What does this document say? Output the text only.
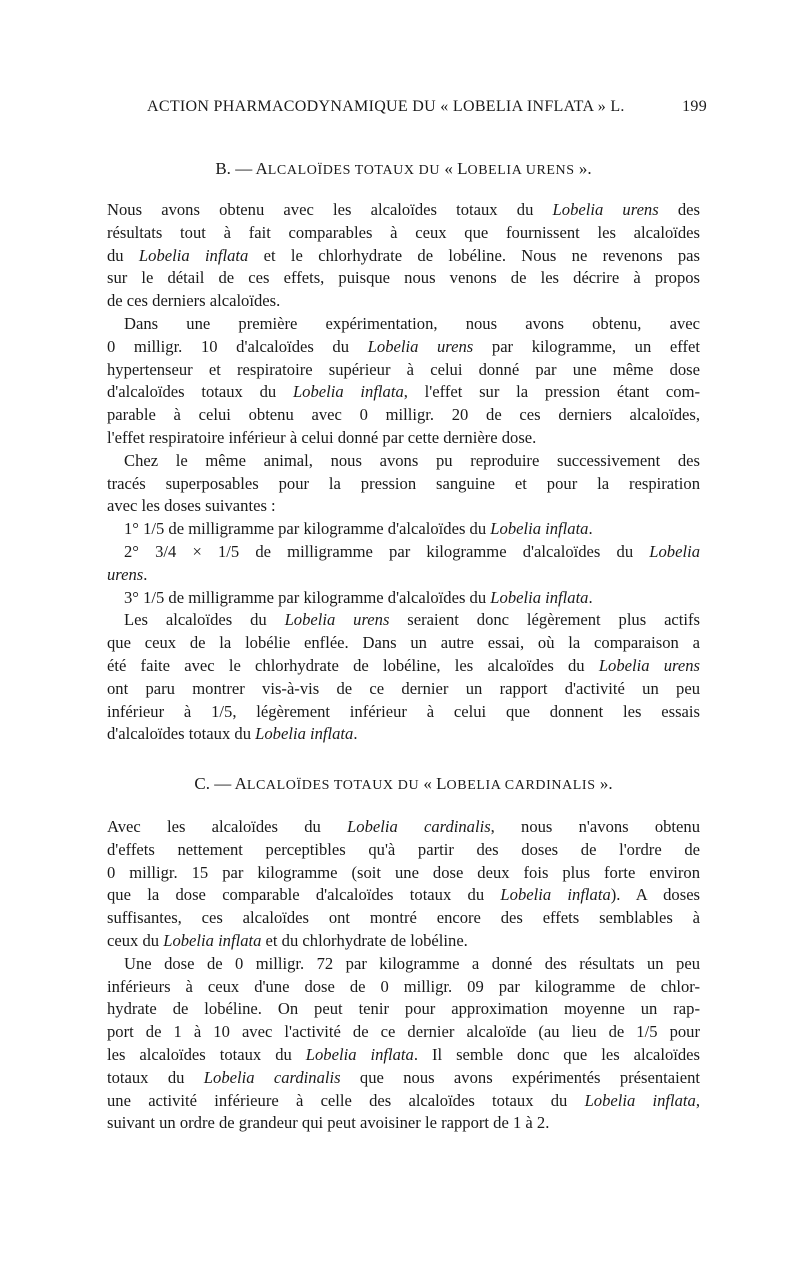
ACTION PHARMACODYNAMIQUE DU « LOBELIA INFLATA » L.	199
B. — ALCALOÏDES TOTAUX DU « LOBELIA URENS ».
Nous avons obtenu avec les alcaloïdes totaux du Lobelia urens des
résultats tout à fait comparables à ceux que fournissent les alcaloïdes
du Lobelia inflata et le chlorhydrate de lobéline. Nous ne revenons pas
sur le détail de ces effets, puisque nous venons de les décrire à propos
de ces derniers alcaloïdes.
Dans une première expérimentation, nous avons obtenu, avec
0 milligr. 10 d'alcaloïdes du Lobelia urens par kilogramme, un effet
hypertenseur et respiratoire supérieur à celui donné par une même dose
d'alcaloïdes totaux du Lobelia inflata, l'effet sur la pression étant com-
parable à celui obtenu avec 0 milligr. 20 de ces derniers alcaloïdes,
l'effet respiratoire inférieur à celui donné par cette dernière dose.
Chez le même animal, nous avons pu reproduire successivement des
tracés superposables pour la pression sanguine et pour la respiration
avec les doses suivantes :
1° 1/5 de milligramme par kilogramme d'alcaloïdes du Lobelia inflata.
2° 3/4 × 1/5 de milligramme par kilogramme d'alcaloïdes du Lobelia
urens.
3° 1/5 de milligramme par kilogramme d'alcaloïdes du Lobelia inflata.
Les alcaloïdes du Lobelia urens seraient donc légèrement plus actifs
que ceux de la lobélie enflée. Dans un autre essai, où la comparaison a
été faite avec le chlorhydrate de lobéline, les alcaloïdes du Lobelia urens
ont paru montrer vis-à-vis de ce dernier un rapport d'activité un peu
inférieur à 1/5, légèrement inférieur à celui que donnent les essais
d'alcaloïdes totaux du Lobelia inflata.
C. — ALCALOÏDES TOTAUX DU « LOBELIA CARDINALIS ».
Avec les alcaloïdes du Lobelia cardinalis, nous n'avons obtenu
d'effets nettement perceptibles qu'à partir des doses de l'ordre de
0 milligr. 15 par kilogramme (soit une dose deux fois plus forte environ
que la dose comparable d'alcaloïdes totaux du Lobelia inflata). A doses
suffisantes, ces alcaloïdes ont montré encore des effets semblables à
ceux du Lobelia inflata et du chlorhydrate de lobéline.
Une dose de 0 milligr. 72 par kilogramme a donné des résultats un peu
inférieurs à ceux d'une dose de 0 milligr. 09 par kilogramme de chlor-
hydrate de lobéline. On peut tenir pour approximation moyenne un rap-
port de 1 à 10 avec l'activité de ce dernier alcaloïde (au lieu de 1/5 pour
les alcaloïdes totaux du Lobelia inflata. Il semble donc que les alcaloïdes
totaux du Lobelia cardinalis que nous avons expérimentés présentaient
une activité inférieure à celle des alcaloïdes totaux du Lobelia inflata,
suivant un ordre de grandeur qui peut avoisiner le rapport de 1 à 2.
